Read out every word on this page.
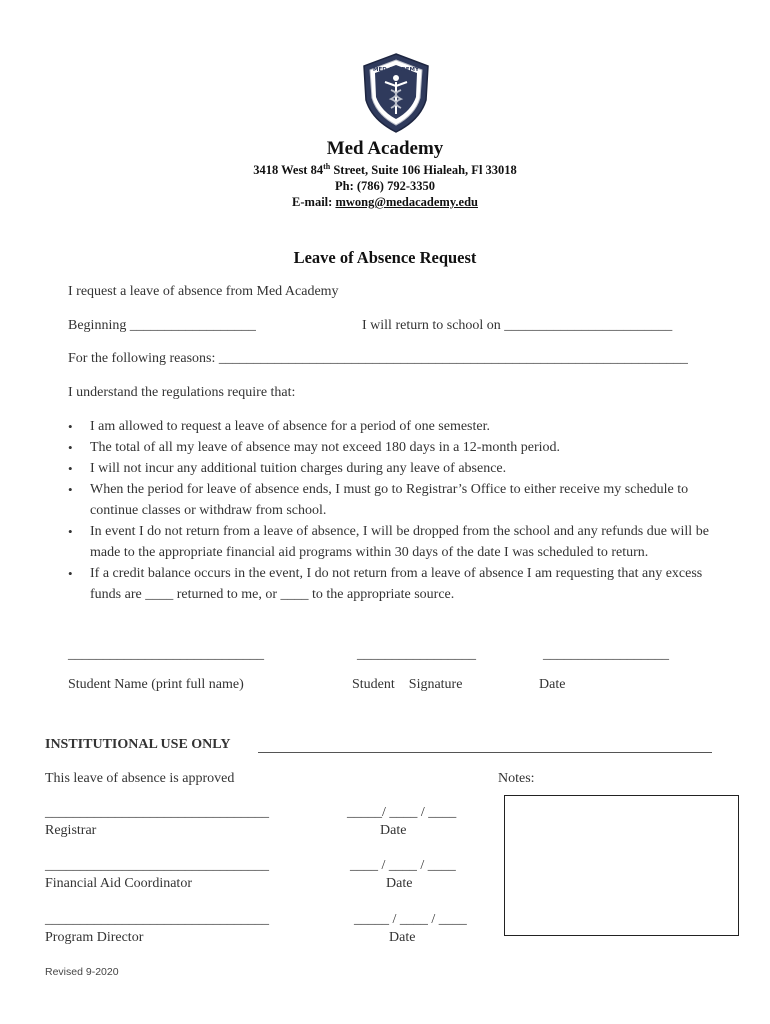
MED ACADEMY
Med Academy
3418 West 84th Street, Suite 106 Hialeah, Fl 33018
Ph: (786) 792-3350
E-mail: mwong@medacademy.edu
Leave of Absence Request
I request a leave of absence from Med Academy
Beginning __________________	I will return to school on ________________________
For the following reasons: ___________________________________________________________________
I understand the regulations require that:
• I am allowed to request a leave of absence for a period of one semester.
• The total of all my leave of absence may not exceed 180 days in a 12-month period.
• I will not incur any additional tuition charges during any leave of absence.
• When the period for leave of absence ends, I must go to Registrar’s Office to either receive my schedule to continue classes or withdraw from school.
• In event I do not return from a leave of absence, I will be dropped from the school and any refunds due will be made to the appropriate financial aid programs within 30 days of the date I was scheduled to return.
• If a credit balance occurs in the event, I do not return from a leave of absence I am requesting that any excess funds are ____ returned to me, or ____ to the appropriate source.
____________________________	_________________	__________________
Student Name (print full name)	Student    Signature	Date
INSTITUTIONAL USE ONLY
This leave of absence is approved	Notes:
________________________________	_____/ ____ / ____
Registrar	Date
________________________________	____ / ____ / ____
Financial Aid Coordinator	Date
________________________________	_____ / ____ / ____
Program Director	Date
Revised 9-2020
